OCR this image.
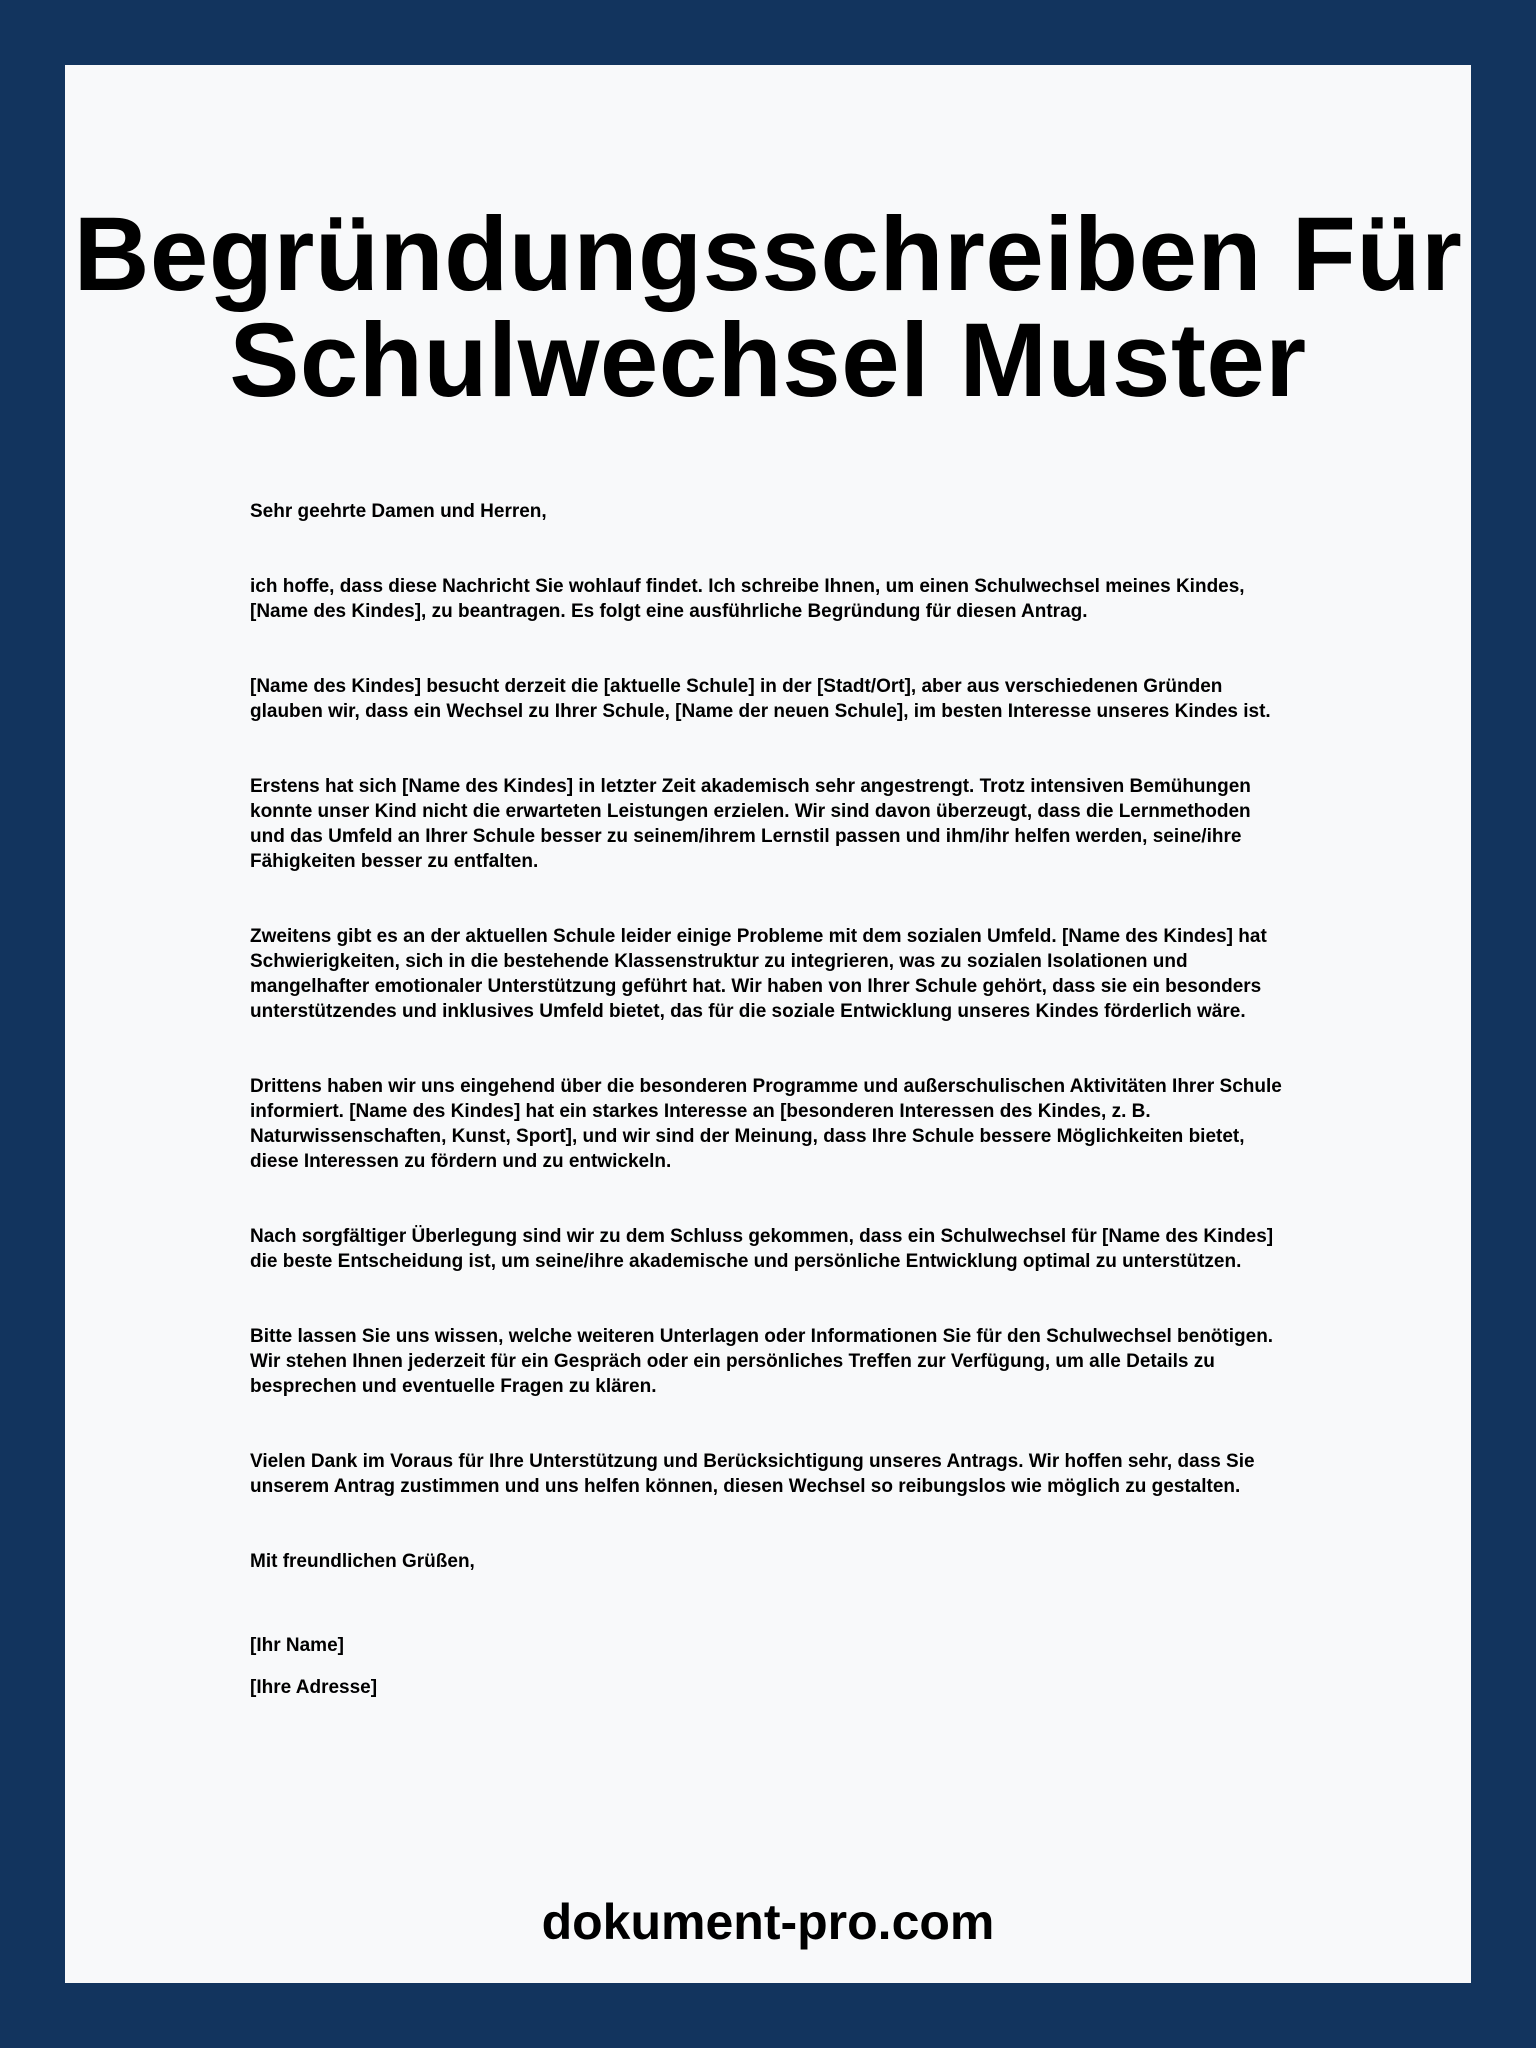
Begründungsschreiben Für Schulwechsel Muster

Sehr geehrte Damen und Herren,

ich hoffe, dass diese Nachricht Sie wohlauf findet. Ich schreibe Ihnen, um einen Schulwechsel meines Kindes, [Name des Kindes], zu beantragen. Es folgt eine ausführliche Begründung für diesen Antrag.

[Name des Kindes] besucht derzeit die [aktuelle Schule] in der [Stadt/Ort], aber aus verschiedenen Gründen glauben wir, dass ein Wechsel zu Ihrer Schule, [Name der neuen Schule], im besten Interesse unseres Kindes ist.

Erstens hat sich [Name des Kindes] in letzter Zeit akademisch sehr angestrengt. Trotz intensiven Bemühungen konnte unser Kind nicht die erwarteten Leistungen erzielen. Wir sind davon überzeugt, dass die Lernmethoden und das Umfeld an Ihrer Schule besser zu seinem/ihrem Lernstil passen und ihm/ihr helfen werden, seine/ihre Fähigkeiten besser zu entfalten.

Zweitens gibt es an der aktuellen Schule leider einige Probleme mit dem sozialen Umfeld. [Name des Kindes] hat Schwierigkeiten, sich in die bestehende Klassenstruktur zu integrieren, was zu sozialen Isolationen und mangelhafter emotionaler Unterstützung geführt hat. Wir haben von Ihrer Schule gehört, dass sie ein besonders unterstützendes und inklusives Umfeld bietet, das für die soziale Entwicklung unseres Kindes förderlich wäre.

Drittens haben wir uns eingehend über die besonderen Programme und außerschulischen Aktivitäten Ihrer Schule informiert. [Name des Kindes] hat ein starkes Interesse an [besonderen Interessen des Kindes, z. B. Naturwissenschaften, Kunst, Sport], und wir sind der Meinung, dass Ihre Schule bessere Möglichkeiten bietet, diese Interessen zu fördern und zu entwickeln.

Nach sorgfältiger Überlegung sind wir zu dem Schluss gekommen, dass ein Schulwechsel für [Name des Kindes] die beste Entscheidung ist, um seine/ihre akademische und persönliche Entwicklung optimal zu unterstützen.

Bitte lassen Sie uns wissen, welche weiteren Unterlagen oder Informationen Sie für den Schulwechsel benötigen. Wir stehen Ihnen jederzeit für ein Gespräch oder ein persönliches Treffen zur Verfügung, um alle Details zu besprechen und eventuelle Fragen zu klären.

Vielen Dank im Voraus für Ihre Unterstützung und Berücksichtigung unseres Antrags. Wir hoffen sehr, dass Sie unserem Antrag zustimmen und uns helfen können, diesen Wechsel so reibungslos wie möglich zu gestalten.

Mit freundlichen Grüßen,

[Ihr Name]

[Ihre Adresse]

dokument-pro.com
